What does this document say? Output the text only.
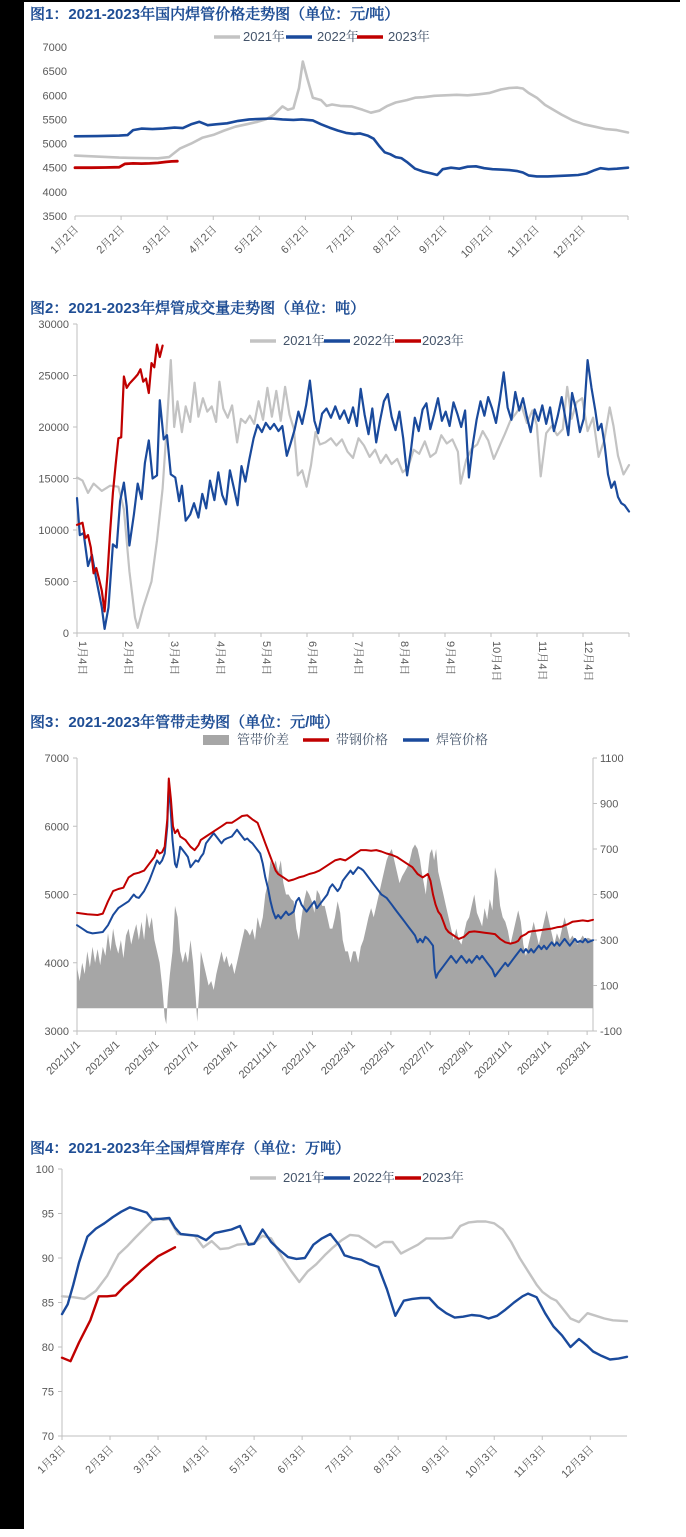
图1：2021-2023年国内焊管价格走势图（单位：元/吨）
图2：2021-2023年焊管成交量走势图（单位：吨）
图3：2021-2023年管带走势图（单位：元/吨）
图4：2021-2023年全国焊管库存（单位：万吨）
7000
6500
6000
5500
5000
4500
4000
3500
1月2日 2月2日 3月2日 4月2日 5月2日 6月2日 7月2日 8月2日 9月2日 10月2日 11月2日 12月2日
2021年 2022年 2023年
30000
25000
20000
15000
10000
5000
0
1月4日	2月4日	3月4日	4月4日	5月4日	6月4日	7月4日	8月4日	9月4日	10月4日	11月4日	12月4日
2021年 2022年 2023年
7000
6000
5000
4000
3000
1100
900
700
500
300
100
-100
2021/1/1 2021/3/1 2021/5/1 2021/7/1 2021/9/1
2021/11/1 2022/1/1 2022/3/1 2022/5/1 2022/7/1 2022/9/1
2022/11/1 2023/1/1 2023/3/1
管带价差	带钢价格	焊管价格
100
95
90
85
80
75
70
1月3日 2月3日 3月3日 4月3日 5月3日 6月3日 7月3日 8月3日 9月3日 10月3日 11月3日 12月3日
2021年 2022年 2023年
